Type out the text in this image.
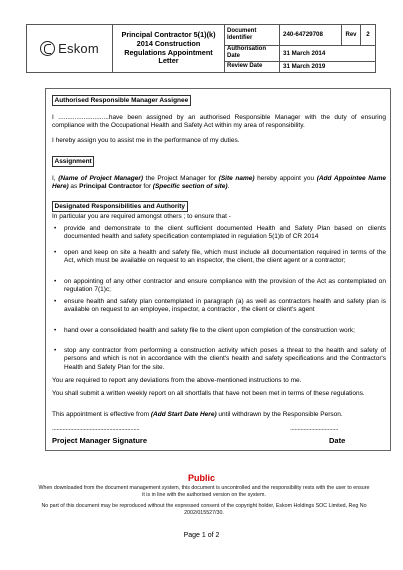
Eskom
Principal Contractor 5(1)(k) 2014 Construction Regulations Appointment Letter
Document Identifier	240-64729708	Rev	2
Authorisation Date	31 March 2014
Review Date	31 March 2019
Authorised Responsible Manager Assignee
I ............................have been assigned by an authorised Responsible Manager with the duty of ensuring compliance with the Occupational Health and Safety Act within my area of responsibility.
I hereby assign you to assist me in the performance of my duties.
Assignment
I, (Name of Project Manager) the Project Manager for (Site name) hereby appoint you (Add Appointee Name Here) as Principal Contractor for (Specific section of site).
Designated Responsibilities and Authority
In particular you are required amongst others ; to ensure that -
•	provide and demonstrate to the client sufficient documented Health and Safety Plan based on clients documented health and safety specification contemplated in regulation 5(1)b of CR 2014
•	open and keep on site a health and safety file, which must include all documentation required in terms of the Act, which must be available on request to an inspector, the client, the client agent or a contractor;
•	on appointing of any other contractor and ensure compliance with the provision of the Act as contemplated on regulation 7(1)c;
•	ensure health and safety plan contemplated in paragraph (a) as well as contractors health and safety plan is available on request to an employee, inspector, a contractor , the client or client's agent
•	hand over a consolidated health and safety file to the client upon completion of the construction work;
•	stop any contractor from performing a construction activity which poses a threat to the health and safety of persons and which is not in accordance with the client's health and safety specifications and the Contractor's Health and Safety Plan for the site.
You are required to report any deviations from the above-mentioned instructions to me.
You shall submit a written weekly report on all shortfalls that have not been met in terms of these regulations.
This appointment is effective from (Add Start Date Here) until withdrawn by the Responsible Person.
..........................................................	................................
Project Manager Signature	Date
Public
When downloaded from the document management system, this document is uncontrolled and the responsibility rests with the user to ensure it is in line with the authorised version on the system.
No part of this document may be reproduced without the expressed consent of the copyright holder, Eskom Holdings SOC Limited, Reg No 2002/015527/30.
Page 1 of 2
